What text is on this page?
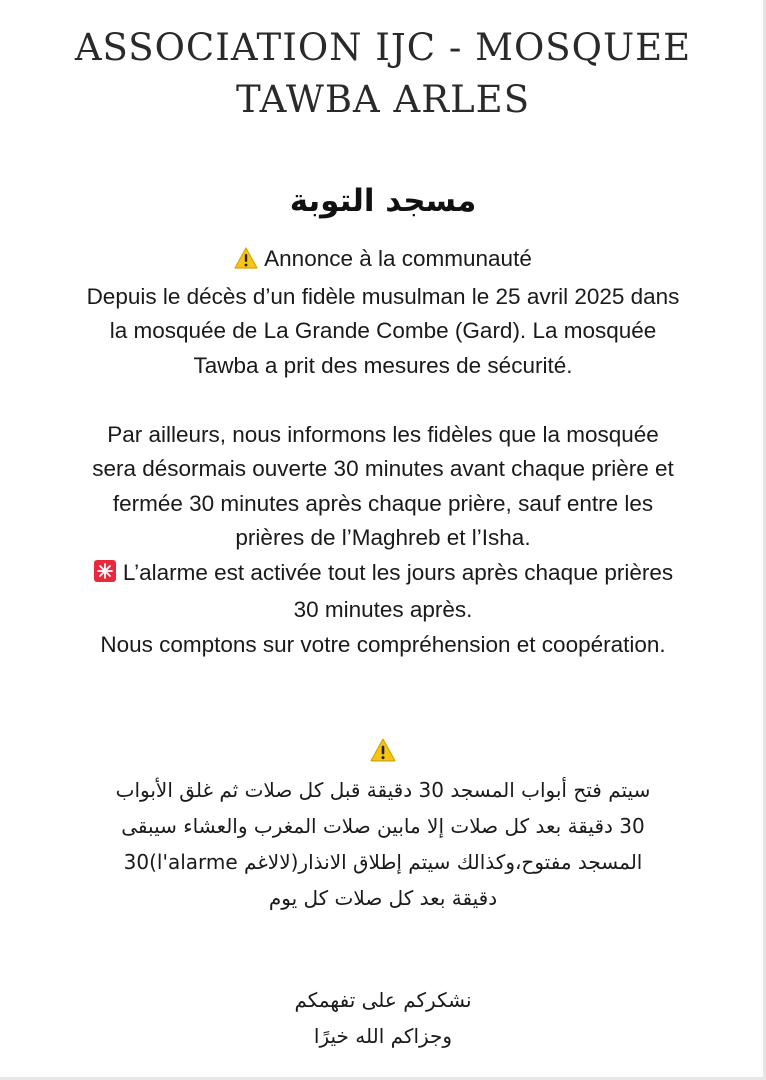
ASSOCIATION IJC - MOSQUEE
TAWBA ARLES
مسجد التوبة
Annonce à la communauté
Depuis le décès d’un fidèle musulman le 25 avril 2025 dans
la mosquée de La Grande Combe (Gard). La mosquée
Tawba a prit des mesures de sécurité.
Par ailleurs, nous informons les fidèles que la mosquée
sera désormais ouverte 30 minutes avant chaque prière et
fermée 30 minutes après chaque prière, sauf entre les
prières de l’Maghreb et l’Isha.
L’alarme est activée tout les jours après chaque prières
30 minutes après.
Nous comptons sur votre compréhension et coopération.
سيتم فتح أبواب المسجد 30 دقيقة قبل كل صلات ثم غلق الأبواب
30 دقيقة بعد كل صلات إلا مابين صلات المغرب والعشاء سيبقى
المسجد مفتوح،وكذالك سيتم إطلاق الانذار(لالاغم l'alarme)30
دقيقة بعد كل صلات كل يوم
نشكركم على تفهمكم
وجزاكم الله خيرًا
